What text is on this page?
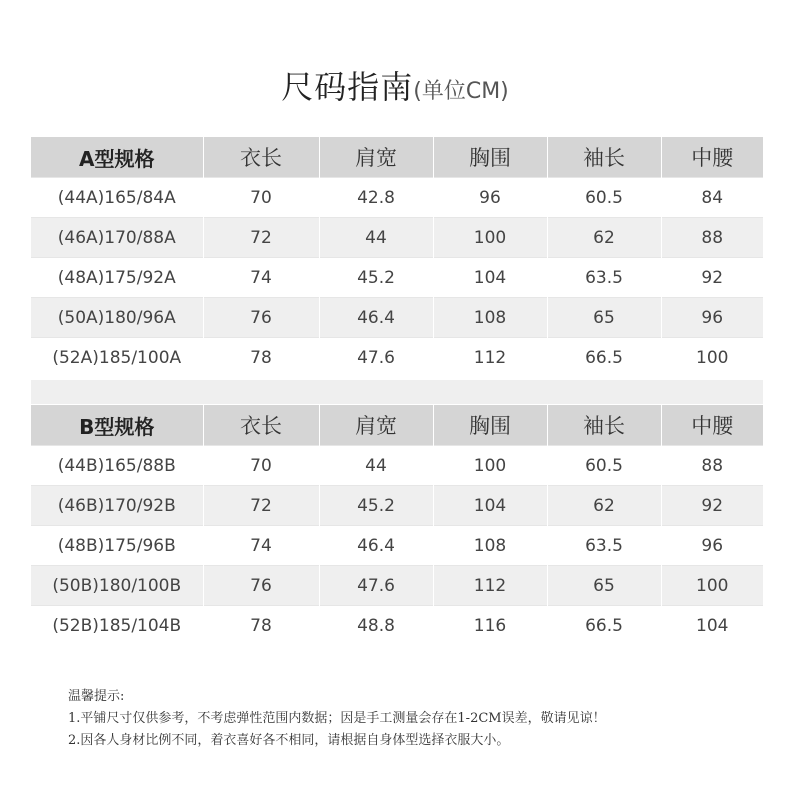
尺码指南(单位CM)
A型规格	衣长	肩宽	胸围	袖长	中腰
(44A)165/84A	70	42.8	96	60.5	84
(46A)170/88A	72	44	100	62	88
(48A)175/92A	74	45.2	104	63.5	92
(50A)180/96A	76	46.4	108	65	96
(52A)185/100A	78	47.6	112	66.5	100
B型规格	衣长	肩宽	胸围	袖长	中腰
(44B)165/88B	70	44	100	60.5	88
(46B)170/92B	72	45.2	104	62	92
(48B)175/96B	74	46.4	108	63.5	96
(50B)180/100B	76	47.6	112	65	100
(52B)185/104B	78	48.8	116	66.5	104
温馨提示:
1.平铺尺寸仅供参考，不考虑弹性范围内数据；因是手工测量会存在1-2CM误差，敬请见谅！
2.因各人身材比例不同，着衣喜好各不相同，请根据自身体型选择衣服大小。
